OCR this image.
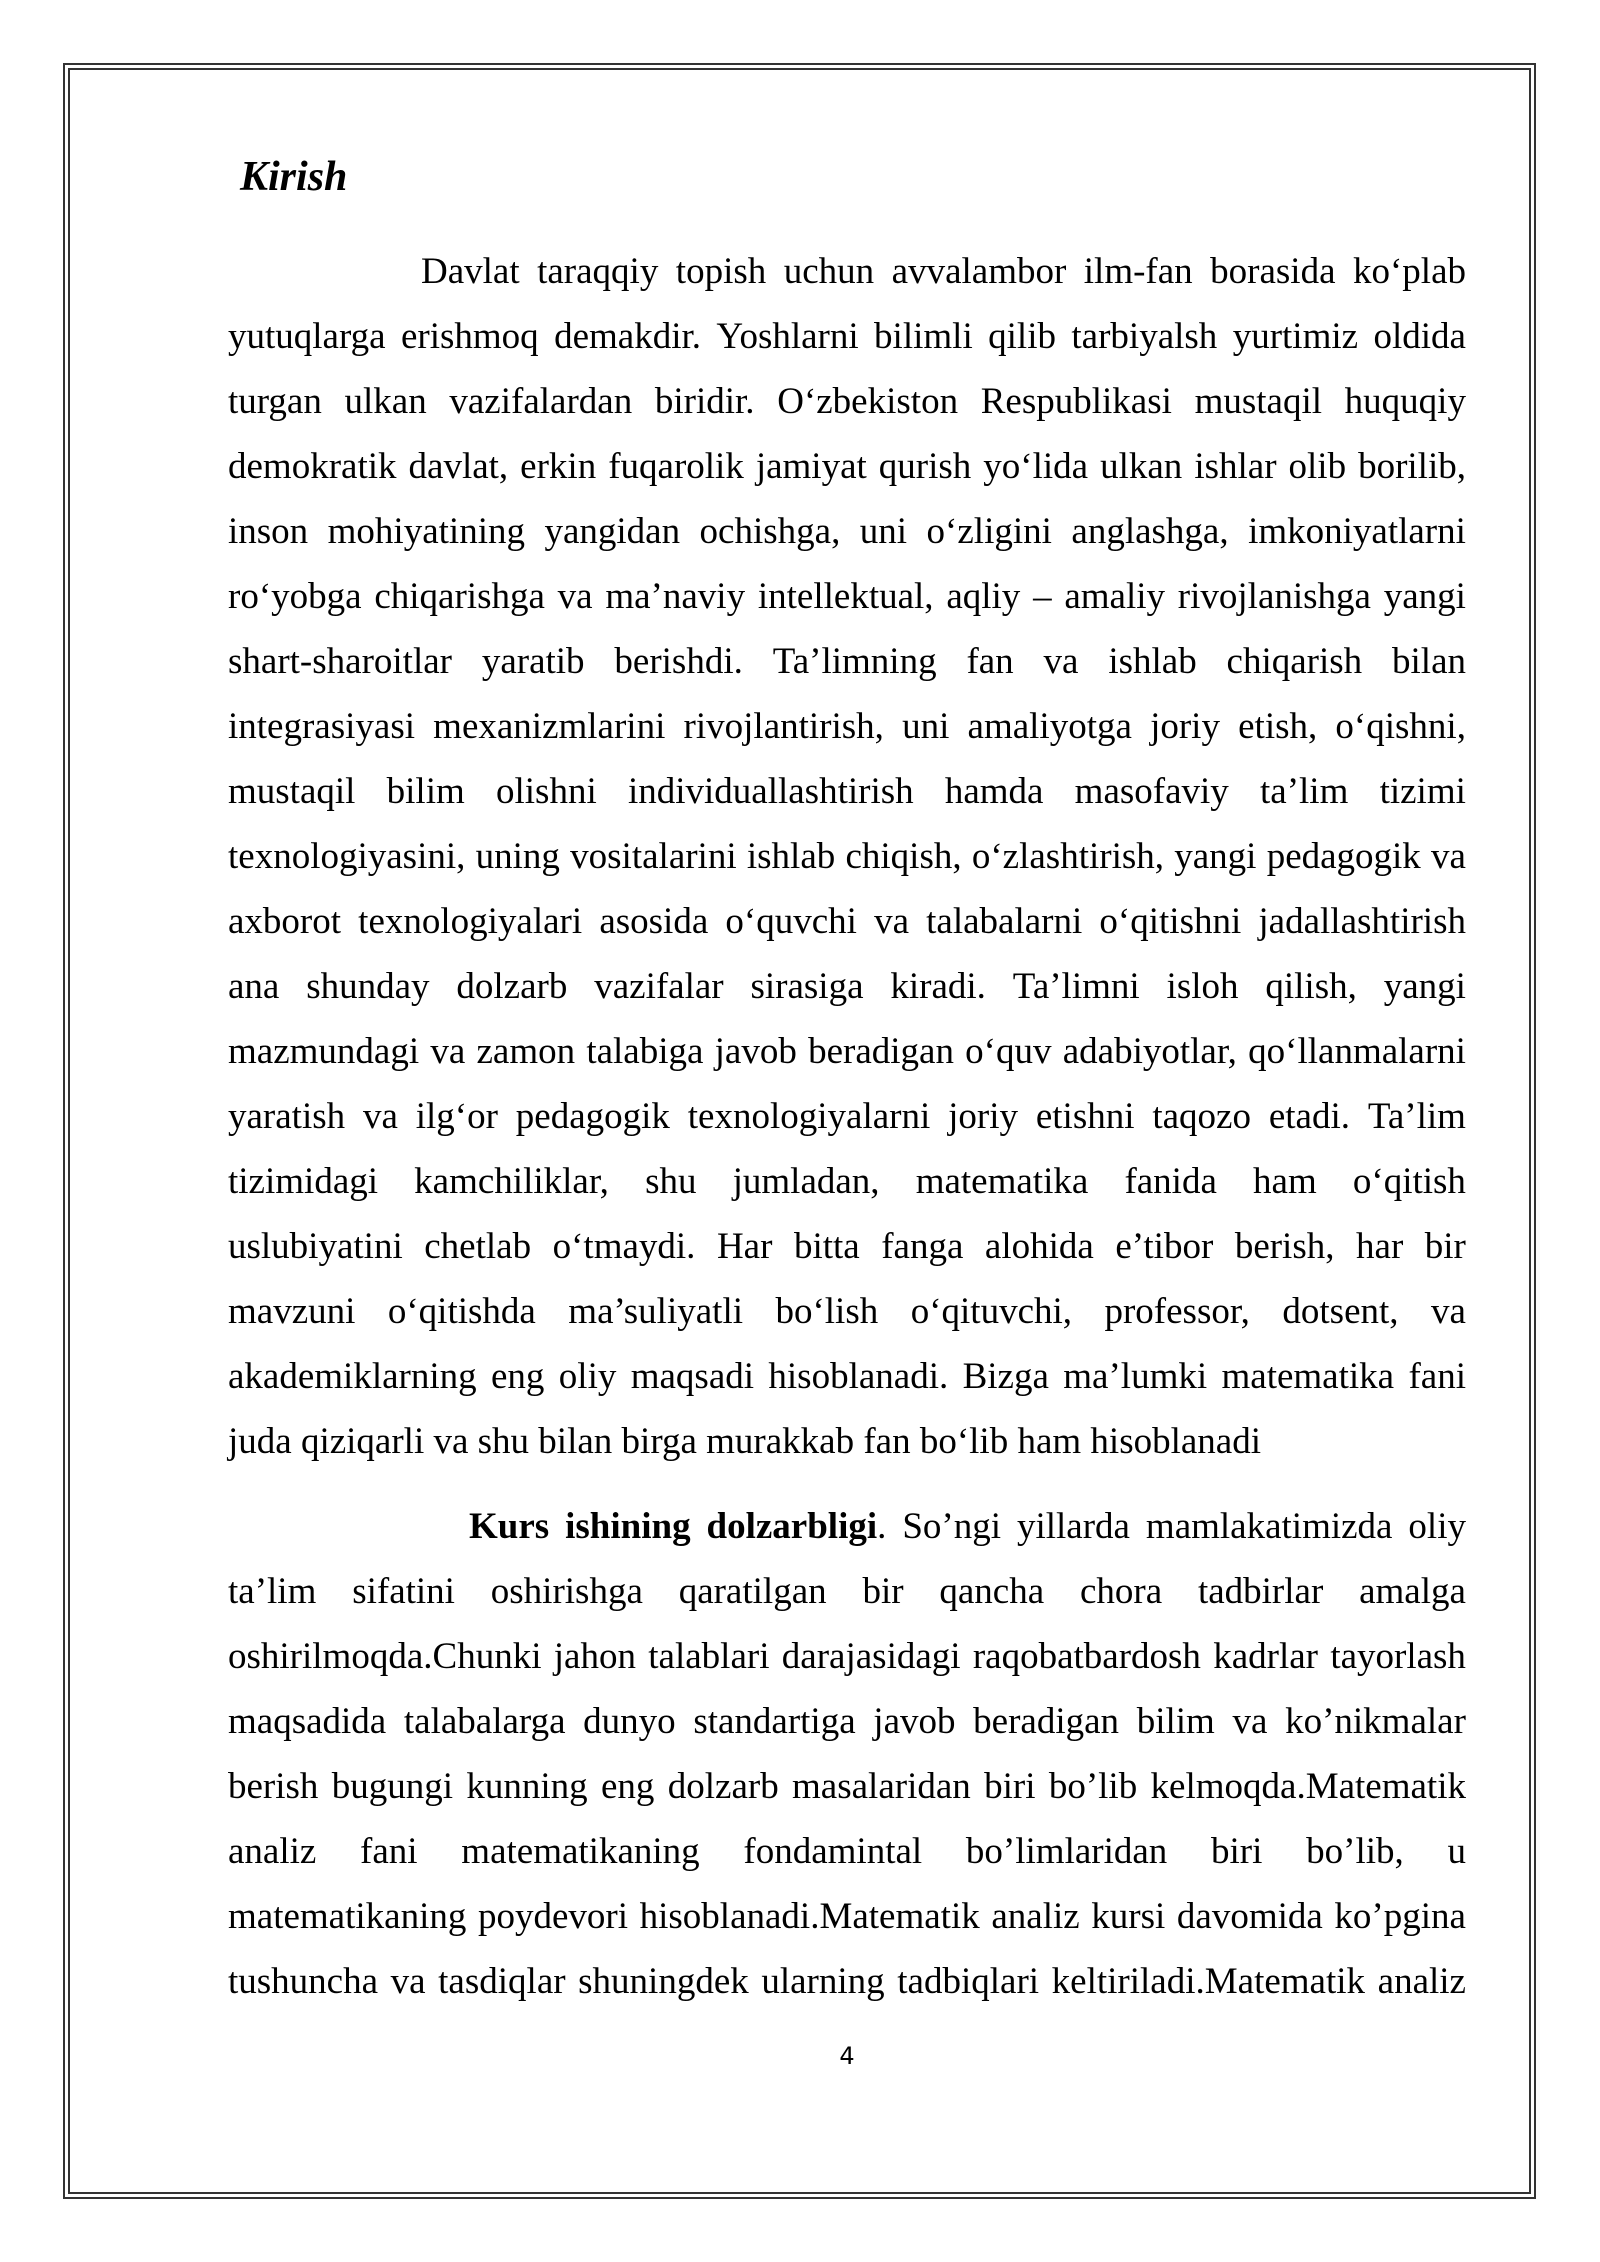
Kirish
Davlat taraqqiy topish uchun avvalambor ilm-fan borasida ko‘plab
yutuqlarga erishmoq demakdir. Yoshlarni bilimli qilib tarbiyalsh yurtimiz oldida
turgan ulkan vazifalardan biridir. O‘zbekiston Respublikasi mustaqil huquqiy
demokratik davlat, erkin fuqarolik jamiyat qurish yo‘lida ulkan ishlar olib borilib,
inson mohiyatining yangidan ochishga, uni o‘zligini anglashga, imkoniyatlarni
ro‘yobga chiqarishga va ma’naviy intellektual, aqliy – amaliy rivojlanishga yangi
shart-sharoitlar yaratib berishdi. Ta’limning fan va ishlab chiqarish bilan
integrasiyasi mexanizmlarini rivojlantirish, uni amaliyotga joriy etish, o‘qishni,
mustaqil bilim olishni individuallashtirish hamda masofaviy ta’lim tizimi
texnologiyasini, uning vositalarini ishlab chiqish, o‘zlashtirish, yangi pedagogik va
axborot texnologiyalari asosida o‘quvchi va talabalarni o‘qitishni jadallashtirish
ana shunday dolzarb vazifalar sirasiga kiradi. Ta’limni isloh qilish, yangi
mazmundagi va zamon talabiga javob beradigan o‘quv adabiyotlar, qo‘llanmalarni
yaratish va ilg‘or pedagogik texnologiyalarni joriy etishni taqozo etadi. Ta’lim
tizimidagi kamchiliklar, shu jumladan, matematika fanida ham o‘qitish
uslubiyatini chetlab o‘tmaydi. Har bitta fanga alohida e’tibor berish, har bir
mavzuni o‘qitishda ma’suliyatli bo‘lish o‘qituvchi, professor, dotsent, va
akademiklarning eng oliy maqsadi hisoblanadi. Bizga ma’lumki matematika fani
juda qiziqarli va shu bilan birga murakkab fan bo‘lib ham hisoblanadi
Kurs ishining dolzarbligi. So’ngi yillarda mamlakatimizda oliy
ta’lim sifatini oshirishga qaratilgan bir qancha chora tadbirlar amalga
oshirilmoqda.Chunki jahon talablari darajasidagi raqobatbardosh kadrlar tayorlash
maqsadida talabalarga dunyo standartiga javob beradigan bilim va ko’nikmalar
berish bugungi kunning eng dolzarb masalaridan biri bo’lib kelmoqda.Matematik
analiz fani matematikaning fondamintal bo’limlaridan biri bo’lib, u
matematikaning poydevori hisoblanadi.Matematik analiz kursi davomida ko’pgina
tushuncha va tasdiqlar shuningdek ularning tadbiqlari keltiriladi.Matematik analiz
4
